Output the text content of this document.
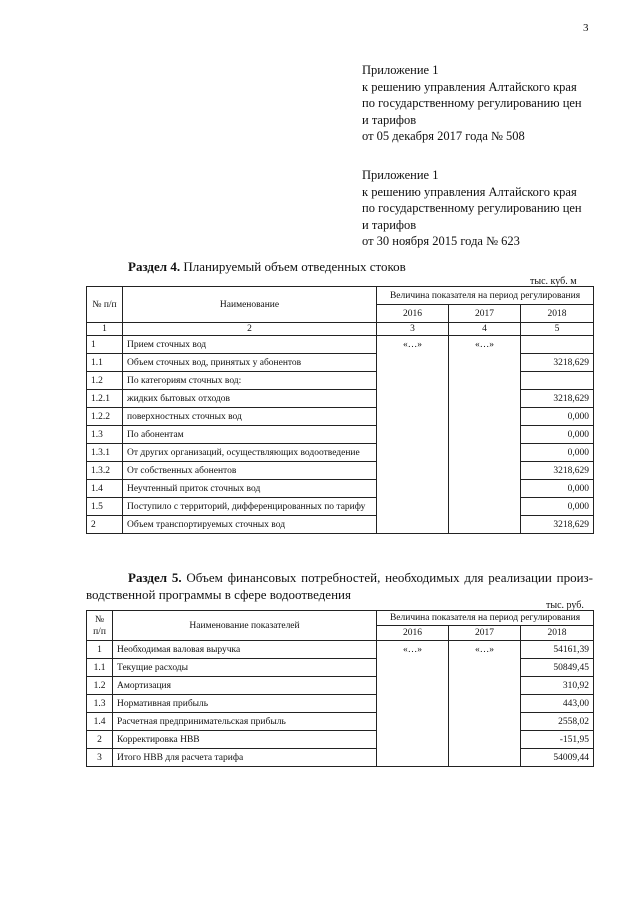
3
Приложение 1
к решению управления Алтайского края
по государственному регулированию цен
и тарифов
от 05 декабря 2017 года № 508
Приложение 1
к решению управления Алтайского края
по государственному регулированию цен
и тарифов
от 30 ноября 2015 года № 623
Раздел 4. Планируемый объем отведенных стоков
тыс. куб. м
№ п/п	Наименование	Величина показателя на период регулирования		
		2016	2017	2018
1	2	3	4	5
1	Прием сточных вод	«…»	«…»	
1.1	Объем сточных вод, принятых у абонентов			3218,629
1.2	По категориям сточных вод:			
1.2.1	жидких бытовых отходов			3218,629
1.2.2	поверхностных сточных вод			0,000
1.3	По абонентам			0,000
1.3.1	От других организаций, осуществляющих водоотведение			0,000
1.3.2	От собственных абонентов			3218,629
1.4	Неучтенный приток сточных вод			0,000
1.5	Поступило с территорий, дифференцированных по тарифу			0,000
2	Объем транспортируемых сточных вод			3218,629
Раздел 5. Объем финансовых потребностей, необходимых для реализации произ-
водственной программы в сфере водоотведения
тыс. руб.
№ п/п	Наименование показателей	Величина показателя на период регулирования		
		2016	2017	2018
1	Необходимая валовая выручка	«…»	«…»	54161,39
1.1	Текущие расходы			50849,45
1.2	Амортизация			310,92
1.3	Нормативная прибыль			443,00
1.4	Расчетная предпринимательская прибыль			2558,02
2	Корректировка НВВ			-151,95
3	Итого НВВ для расчета тарифа			54009,44
